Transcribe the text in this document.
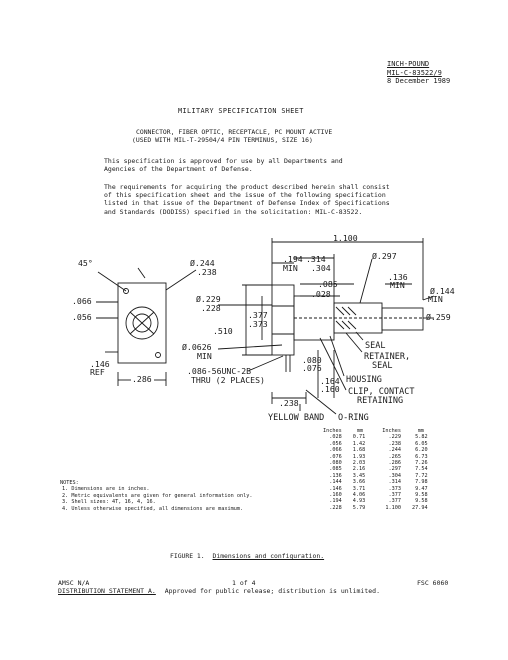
INCH-POUND
MIL-C-83522/9
8 December 1989
MILITARY SPECIFICATION SHEET
CONNECTOR, FIBER OPTIC, RECEPTACLE, PC MOUNT ACTIVE
(USED WITH MIL-T-29504/4 PIN TERMINUS, SIZE 16)
This specification is approved for use by all Departments and
Agencies of the Department of Defense.
The requirements for acquiring the product described herein shall consist
of this specification sheet and the issue of the following specification
listed in that issue of the Department of Defense Index of Specifications
and Standards (DODISS) specified in the solicitation: MIL-C-83522.
1.100
45°	Ø.244
.238
.194
MIN
.314
.304
Ø.297
.136
MIN
.085
.028	Ø.144
MIN
.066
.056
Ø.229
.228
.377
.373
.510
Ø.0626
MIN
Ø.259
.146
REF
.286
.086-56UNC-2B
THRU (2 PLACES)
.080
.076
.164
.160
.238
SEAL
RETAINER,
SEAL
HOUSING
CLIP, CONTACT
RETAINING
YELLOW BAND O-RING
Inches	mm	Inches	mm
.028	0.71	.229	5.82
.056	1.42	.238	6.05
.066	1.68	.244	6.20
.076	1.93	.265	6.73
.080	2.03	.286	7.26
.085	2.16	.297	7.54
.136	3.45	.304	7.72
.144	3.66	.314	7.98
.146	3.71	.373	9.47
.160	4.06	.377	9.58
.194	4.93	.377	9.58
.228	5.79	1.100	27.94
NOTES:
1. Dimensions are in inches.
2. Metric equivalents are given for general information only.
3. Shell sizes: 4T, 16, 4, 16.
4. Unless otherwise specified, all dimensions are maximum.
FIGURE 1. Dimensions and configuration.
AMSC N/A	1 of 4	FSC 6060
DISTRIBUTION STATEMENT A. Approved for public release; distribution is unlimited.
